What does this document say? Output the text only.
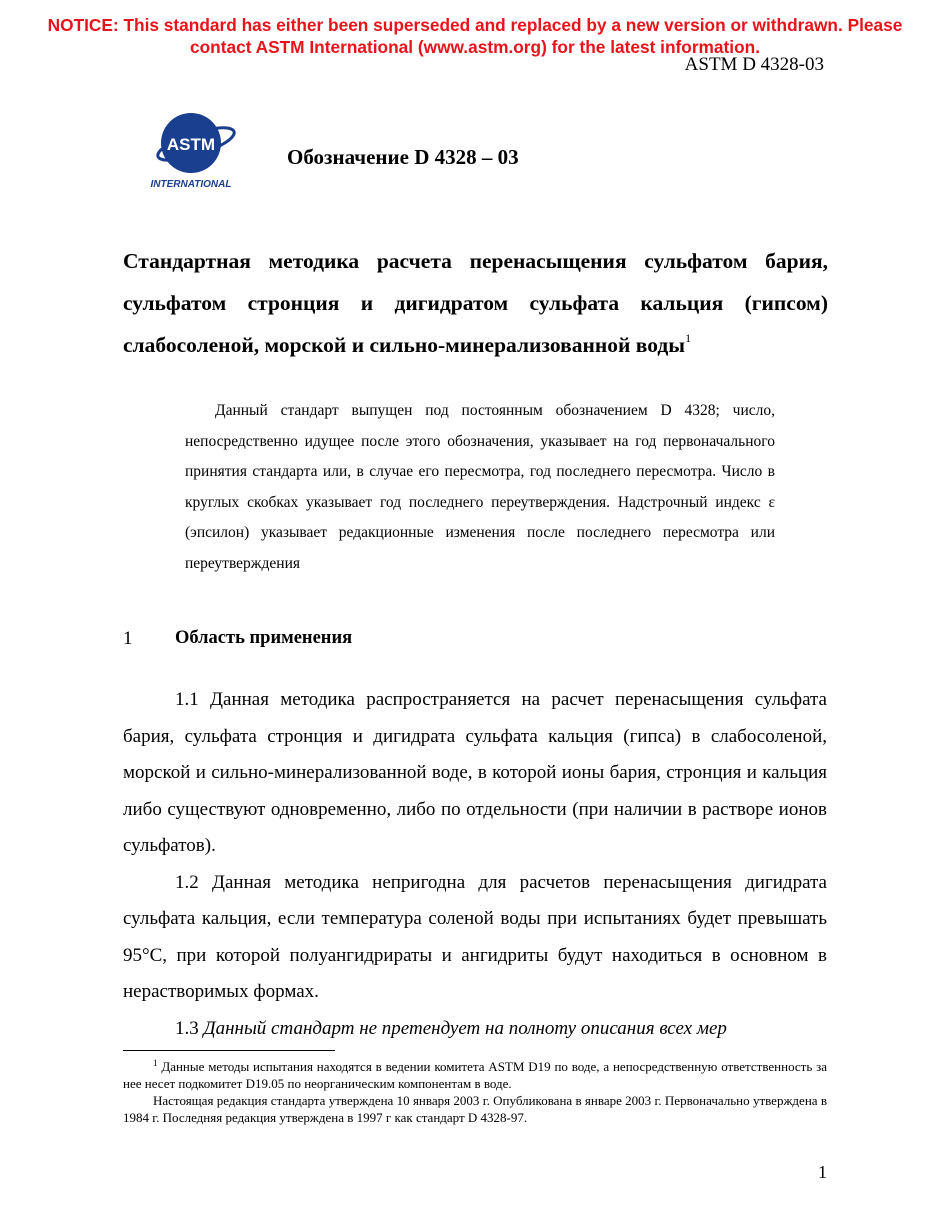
NOTICE: This standard has either been superseded and replaced by a new version or withdrawn. Please
contact ASTM International (www.astm.org) for the latest information.
ASTM D 4328-03
ASTM
INTERNATIONAL
Обозначение D 4328 – 03
Стандартная методика расчета перенасыщения сульфатом бария,
сульфатом стронция и дигидратом сульфата кальция (гипсом)
слабосоленой, морской и сильно-минерализованной воды$^1$
Данный стандарт выпущен под постоянным обозначением D 4328; число, непосредственно идущее после этого обозначения, указывает на год первоначального принятия стандарта или, в случае его пересмотра, год последнего пересмотра. Число в круглых скобках указывает год последнего переутверждения. Надстрочный индекс ε (эпсилон) указывает редакционные изменения после последнего пересмотра или переутверждения
1 Область применения

1.1 Данная методика распространяется на расчет перенасыщения сульфата бария, сульфата стронция и дигидрата сульфата кальция (гипса) в слабосоленой, морской и сильно-минерализованной воде, в которой ионы бария, стронция и кальция либо существуют одновременно, либо по отдельности (при наличии в растворе ионов сульфатов).

1.2 Данная методика непригодна для расчетов перенасыщения дигидрата сульфата кальция, если температура соленой воды при испытаниях будет превышать 95°C, при которой полуангидрираты и ангидриты будут находиться в основном в нерастворимых формах.

1.3 Данный стандарт не претендует на полноту описания всех мер

$^1$ Данные методы испытания находятся в ведении комитета ASTM D19 по воде, а непосредственную ответственность за нее несет подкомитет D19.05 по неорганическим компонентам в воде.

Настоящая редакция стандарта утверждена 10 января 2003 г. Опубликована в январе 2003 г. Первоначально утверждена в 1984 г. Последняя редакция утверждена в 1997 г как стандарт D 4328-97.

1
